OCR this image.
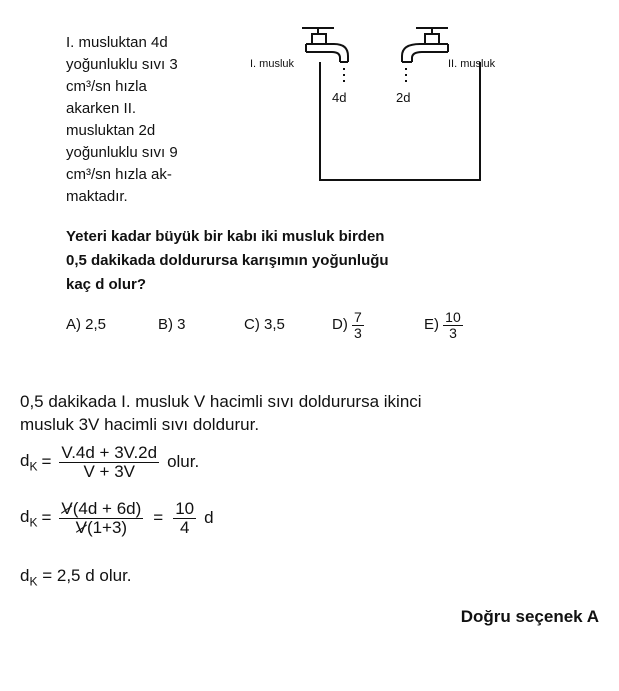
I. musluktan 4d
yoğunluklu sıvı 3
cm³/sn hızla
akarken II.
musluktan 2d
yoğunluklu sıvı 9
cm³/sn hızla ak-
maktadır.
I. musluk	II. musluk
4d	2d
Yeteri kadar büyük bir kabı iki musluk birden
0,5 dakikada doldurursa karışımın yoğunluğu
kaç d olur?
A) 2,5	B) 3	C) 3,5	$D) \frac{7}{3}$	$E) \frac{10}{3}$
0,5 dakikada I. musluk V hacimli sıvı doldurursa ikinci
musluk 3V hacimli sıvı doldurur.
$d_K = \frac{V.4d + 3V.2d}{V + 3V}$ olur.
$d_K = \frac{V(4d + 6d)}{V(1+3)} = \frac{10}{4}$ d
$d_K = 2,5$ d olur.
Doğru seçenek A
